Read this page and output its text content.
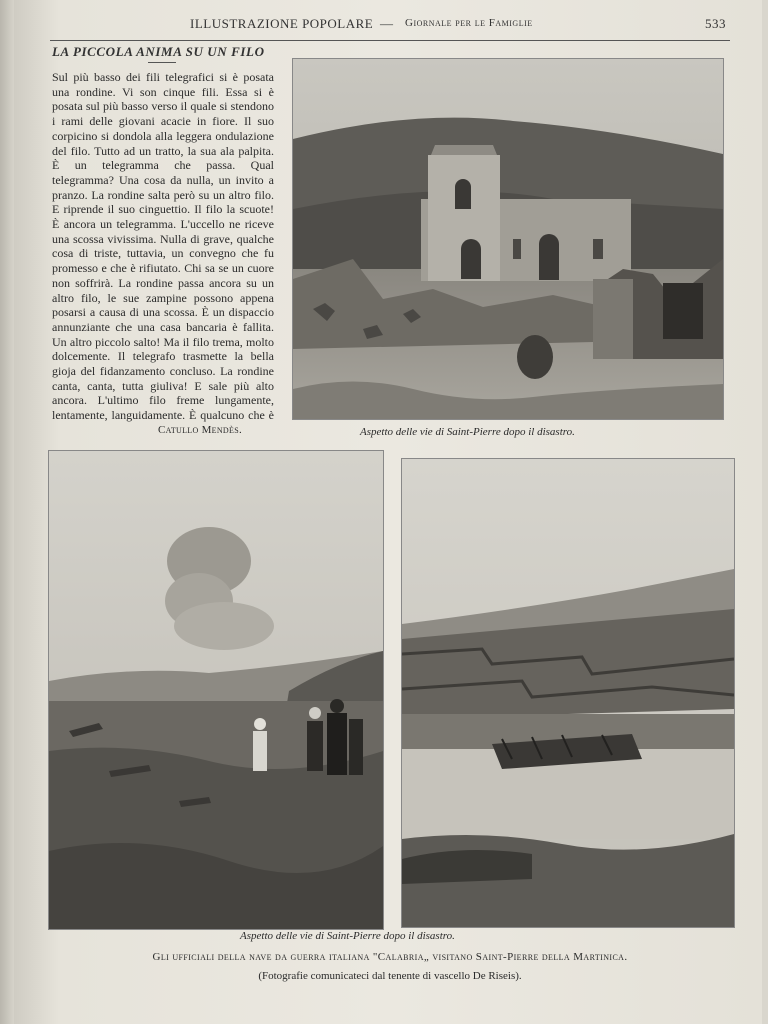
ILLUSTRAZIONE POPOLARE — Giornale per le Famiglie	533
LA PICCOLA ANIMA SU UN FILO
Sul più basso dei fili telegrafici si è posata una rondine. Vi son cinque fili. Essa si è posata sul più basso verso il quale si stendono i rami delle giovani acacie in fiore. Il suo corpicino si dondola alla leggera ondulazione del filo. Tutto ad un tratto, la sua ala palpita. È un telegramma che passa. Qual telegramma? Una cosa da nulla, un invito a pranzo. La rondine salta però su un altro filo. E riprende il suo cinguettio. Il filo la scuote! È ancora un telegramma. L'uccello ne riceve una scossa vivissima. Nulla di grave, qualche cosa di triste, tuttavia, un convegno che fu promesso e che è rifiutato. Chi sa se un cuore non soffrirà. La rondine passa ancora su un altro filo, le sue zampine possono appena posarsi a causa di una scossa. È un dispaccio annunziante che una casa bancaria è fallita. Un altro piccolo salto! Ma il filo trema, molto dolcemente. Il telegrafo trasmette la bella gioja del fidanzamento concluso. La rondine canta, canta, tutta giuliva! E sale più alto ancora. L'ultimo filo freme lungamente, lentamente, languidamente. È qualcuno che è
Catullo Mendès.	Aspetto delle vie di Saint-Pierre dopo il disastro.
Aspetto delle vie di Saint-Pierre dopo il disastro.
Gli ufficiali della nave da guerra italiana "Calabria„ visitano Saint-Pierre della Martinica.
(Fotografie comunicateci dal tenente di vascello De Riseis).
